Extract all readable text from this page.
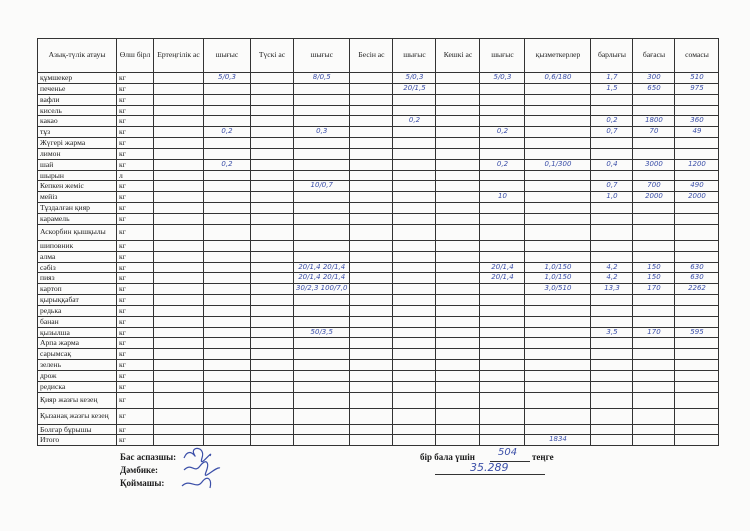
Азық-түлік атауы	Өлш бірл	Ертеңгілік ас	шығыс	Түскі ас	шығыс	Бесін ас	шығыс	Кешкі ас	шығыс	қызметкерлер	барлығы	бағасы	сомасы
құмшекер	кг		5/0,3		8/0,5		5/0,3		5/0,3	0,6/180	1,7	300	510
печенье	кг						20/1,5				1,5	650	975
вафли	кг												
кисель	кг												
какао	кг						0,2				0,2	1800	360
тұз	кг		0,2		0,3				0,2		0,7	70	49
Жүгері жарма	кг												
лимон	кг												
шай	кг		0,2						0,2	0,1/300	0,4	3000	1200
шырын	л												
Кепкен жеміс	кг				10/0,7						0,7	700	490
мейіз	кг								10		1,0	2000	2000
Тұздалған қияр	кг												
карамель	кг												
Аскорбин қышқылы	кг												
шиповник	кг												
алма	кг												
сәбіз	кг				20/1,4 20/1,4				20/1,4	1,0/150	4,2	150	630
пияз	кг				20/1,4 20/1,4				20/1,4	1,0/150	4,2	150	630
картоп	кг				30/2,3 100/7,0					3,0/510	13,3	170	2262
қырыққабат	кг												
редька	кг												
банан	кг												
қызылша	кг				50/3,5						3,5	170	595
Арпа жарма	кг												
сарымсақ	кг												
зелень	кг												
дрож	кг												
редиска	кг												
Қияр жазғы кезең	кг												
Қызанақ жазғы кезең	кг												
Болгар бұрышы	кг												
Итого	кг									1834			
Бас аспазшы:
Дәмбике:
Қоймашы:
бір бала үшін 504 теңге
35.289
